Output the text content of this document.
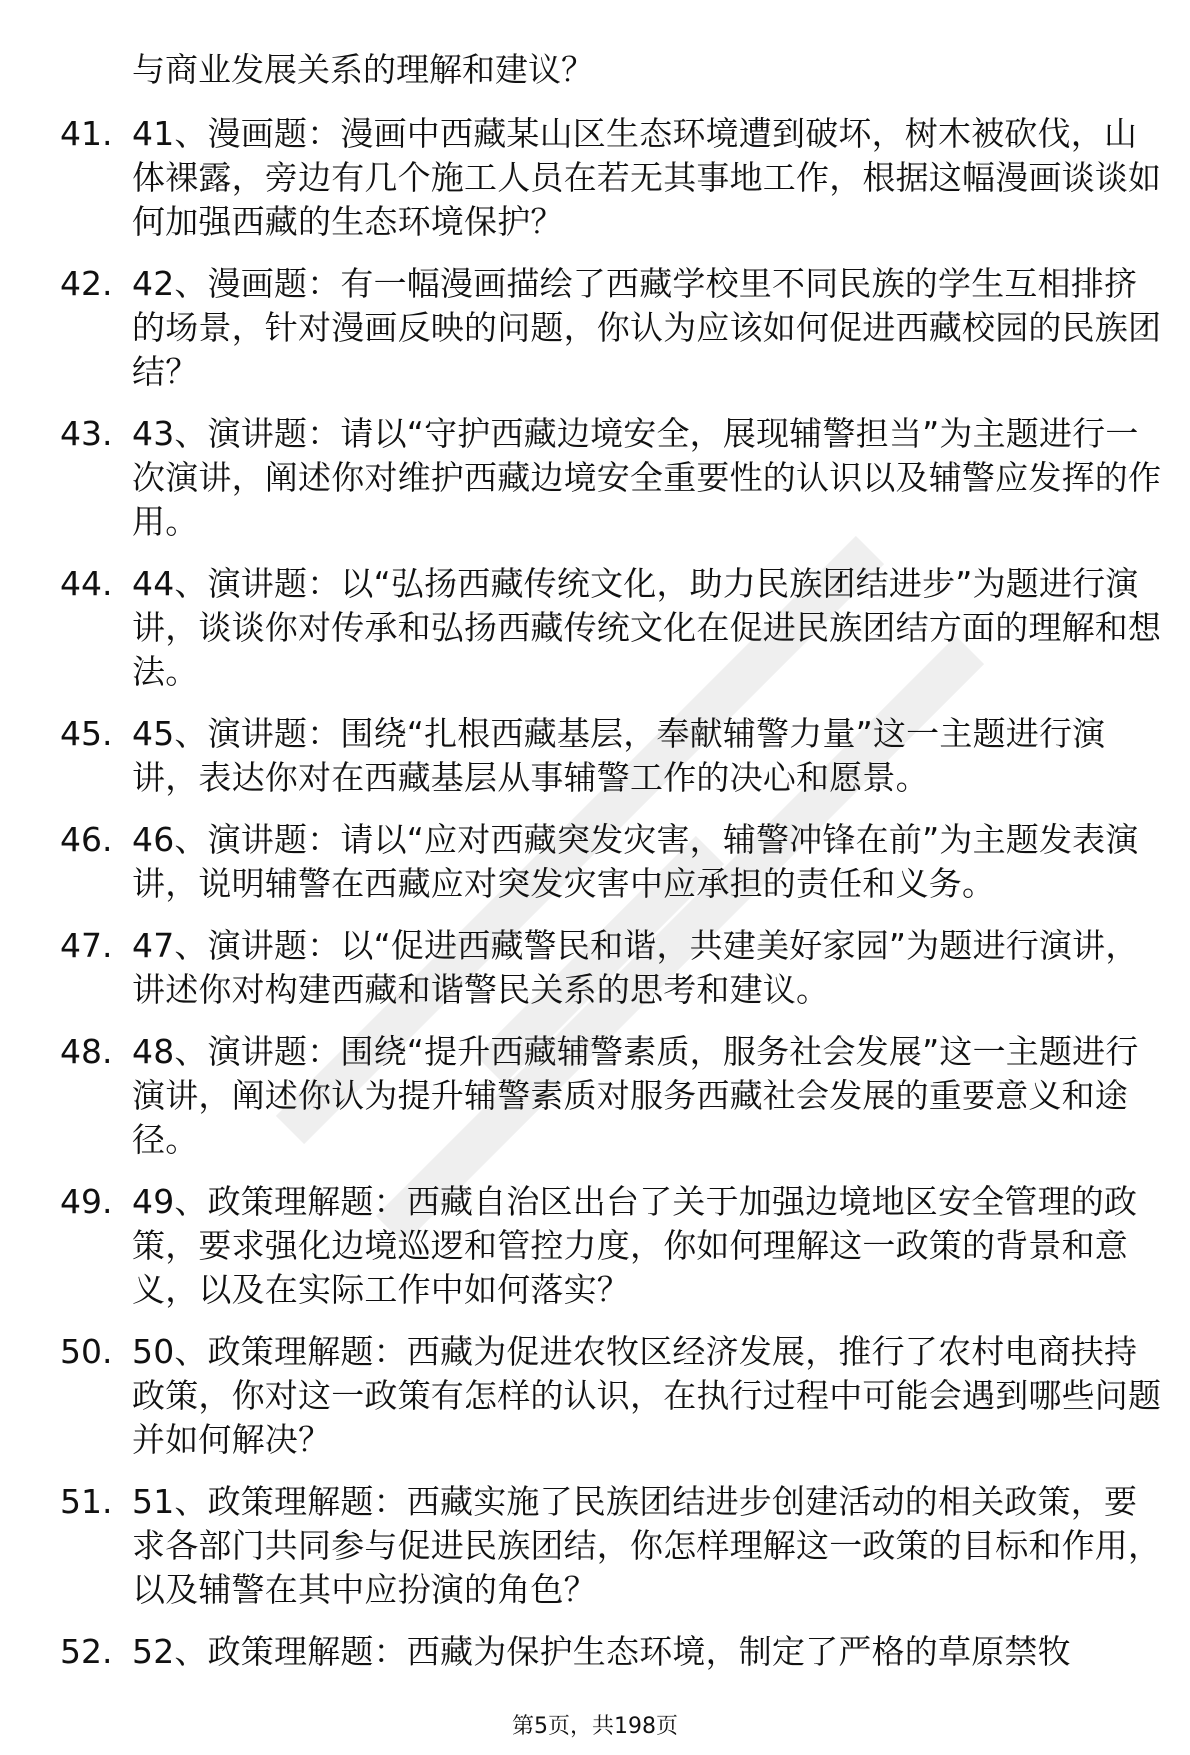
与商业发展关系的理解和建议？
41. 41、漫画题：漫画中西藏某山区生态环境遭到破坏，树木被砍伐，山体裸露，旁边有几个施工人员在若无其事地工作，根据这幅漫画谈谈如何加强西藏的生态环境保护？
42. 42、漫画题：有一幅漫画描绘了西藏学校里不同民族的学生互相排挤的场景，针对漫画反映的问题，你认为应该如何促进西藏校园的民族团结？
43. 43、演讲题：请以“守护西藏边境安全，展现辅警担当”为主题进行一次演讲，阐述你对维护西藏边境安全重要性的认识以及辅警应发挥的作用。
44. 44、演讲题：以“弘扬西藏传统文化，助力民族团结进步”为题进行演讲，谈谈你对传承和弘扬西藏传统文化在促进民族团结方面的理解和想法。
45. 45、演讲题：围绕“扎根西藏基层，奉献辅警力量”这一主题进行演讲，表达你对在西藏基层从事辅警工作的决心和愿景。
46. 46、演讲题：请以“应对西藏突发灾害，辅警冲锋在前”为主题发表演讲，说明辅警在西藏应对突发灾害中应承担的责任和义务。
47. 47、演讲题：以“促进西藏警民和谐，共建美好家园”为题进行演讲，讲述你对构建西藏和谐警民关系的思考和建议。
48. 48、演讲题：围绕“提升西藏辅警素质，服务社会发展”这一主题进行演讲，阐述你认为提升辅警素质对服务西藏社会发展的重要意义和途径。
49. 49、政策理解题：西藏自治区出台了关于加强边境地区安全管理的政策，要求强化边境巡逻和管控力度，你如何理解这一政策的背景和意义，以及在实际工作中如何落实？
50. 50、政策理解题：西藏为促进农牧区经济发展，推行了农村电商扶持政策，你对这一政策有怎样的认识，在执行过程中可能会遇到哪些问题并如何解决？
51. 51、政策理解题：西藏实施了民族团结进步创建活动的相关政策，要求各部门共同参与促进民族团结，你怎样理解这一政策的目标和作用，以及辅警在其中应扮演的角色？
52. 52、政策理解题：西藏为保护生态环境，制定了严格的草原禁牧
第5页，共198页
